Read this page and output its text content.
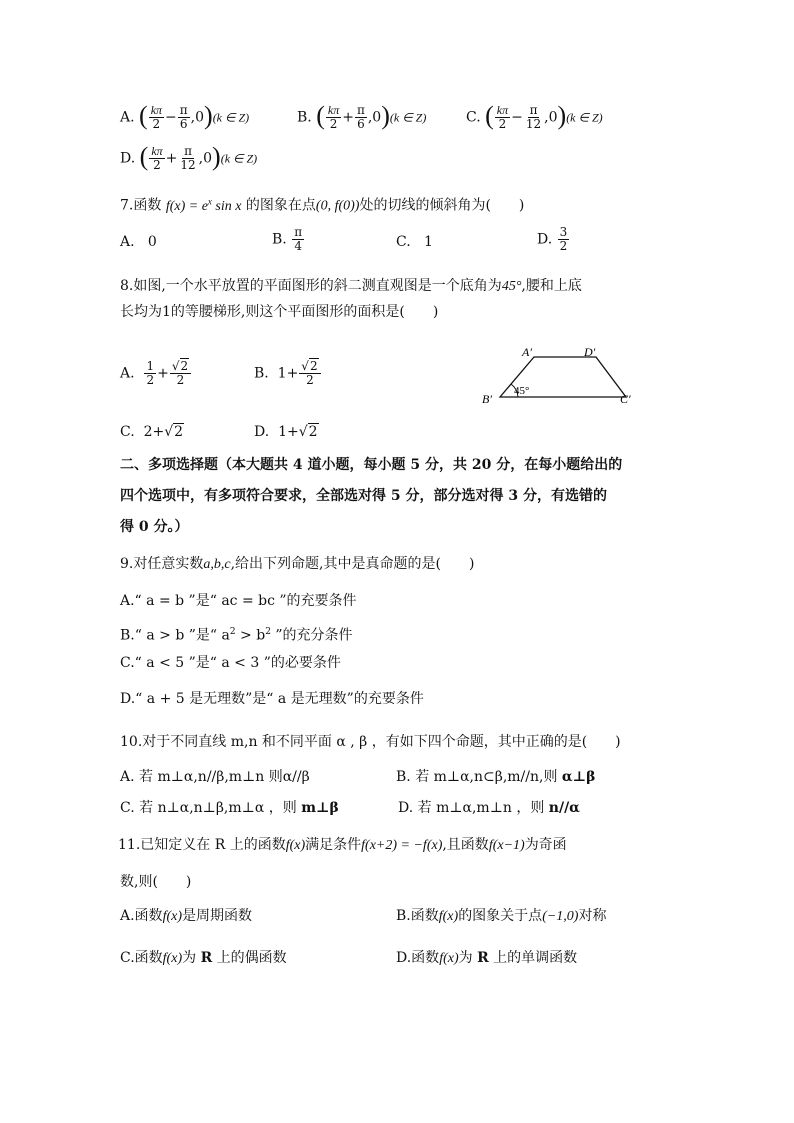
A. ( $\frac{k\pi}{2} - \frac{\pi}{6} ,0)(k$ ∈ Z)	B. ( $\frac{k\pi}{2} + \frac{\pi}{6} ,0)(k$ ∈ Z)	C. ( $\frac{k\pi}{2} - \frac{\pi}{12} ,0)(k$ ∈ Z)
D. ( $\frac{k\pi}{2} + \frac{\pi}{12} ,0)(k$ ∈ Z)
7.函数 $f(x) = e^x$ sin x 的图象在点(0, f(0))处的切线的倾斜角为(　　)
A. 0	B. $\frac{\pi}{4}$	C. 1	D. $\frac{3}{2}$
8.如图,一个水平放置的平面图形的斜二测直观图是一个底角为45°,腰和上底
长均为1的等腰梯形,则这个平面图形的面积是(　　)
A. $\frac{1}{2} + \frac{√2}{2}$	B. $1+ \frac{√2}{2}$
A′	D′
B′	C′
45°
C. 2+√2	D. 1+√2
二、多项选择题（本大题共 4 道小题，每小题 5 分，共 20 分，在每小题给出的
四个选项中，有多项符合要求，全部选对得 5 分，部分选对得 3 分，有选错的
得 0 分。）
9.对任意实数a,b,c,给出下列命题,其中是真命题的是(　　)
A.“ a = b ”是“ ac = bc ”的充要条件
B.“ a > b ”是“ $a^2 > b^2$ ”的充分条件
C.“ a < 5 ”是“ a < 3 ”的必要条件
D.“ a + 5 是无理数”是“ a 是无理数”的充要条件
10.对于不同直线 m,n 和不同平面 α , β ，有如下四个命题，其中正确的是(　　)
A. 若 m⊥α,n//β,m⊥n 则α//β	B. 若 m⊥α,n⊂β,m//n,则 α⊥β
C. 若 n⊥α,n⊥β,m⊥α ，则 m⊥β	D. 若 m⊥α,m⊥n ，则 n//α
11.已知定义在 R 上的函数f(x)满足条件f(x+2) = −f(x),且函数f(x−1)为奇函
数,则(　　)
A.函数f(x)是周期函数	B.函数f(x)的图象关于点(−1,0)对称
C.函数f(x)为 R 上的偶函数	D.函数f(x)为 R 上的单调函数
